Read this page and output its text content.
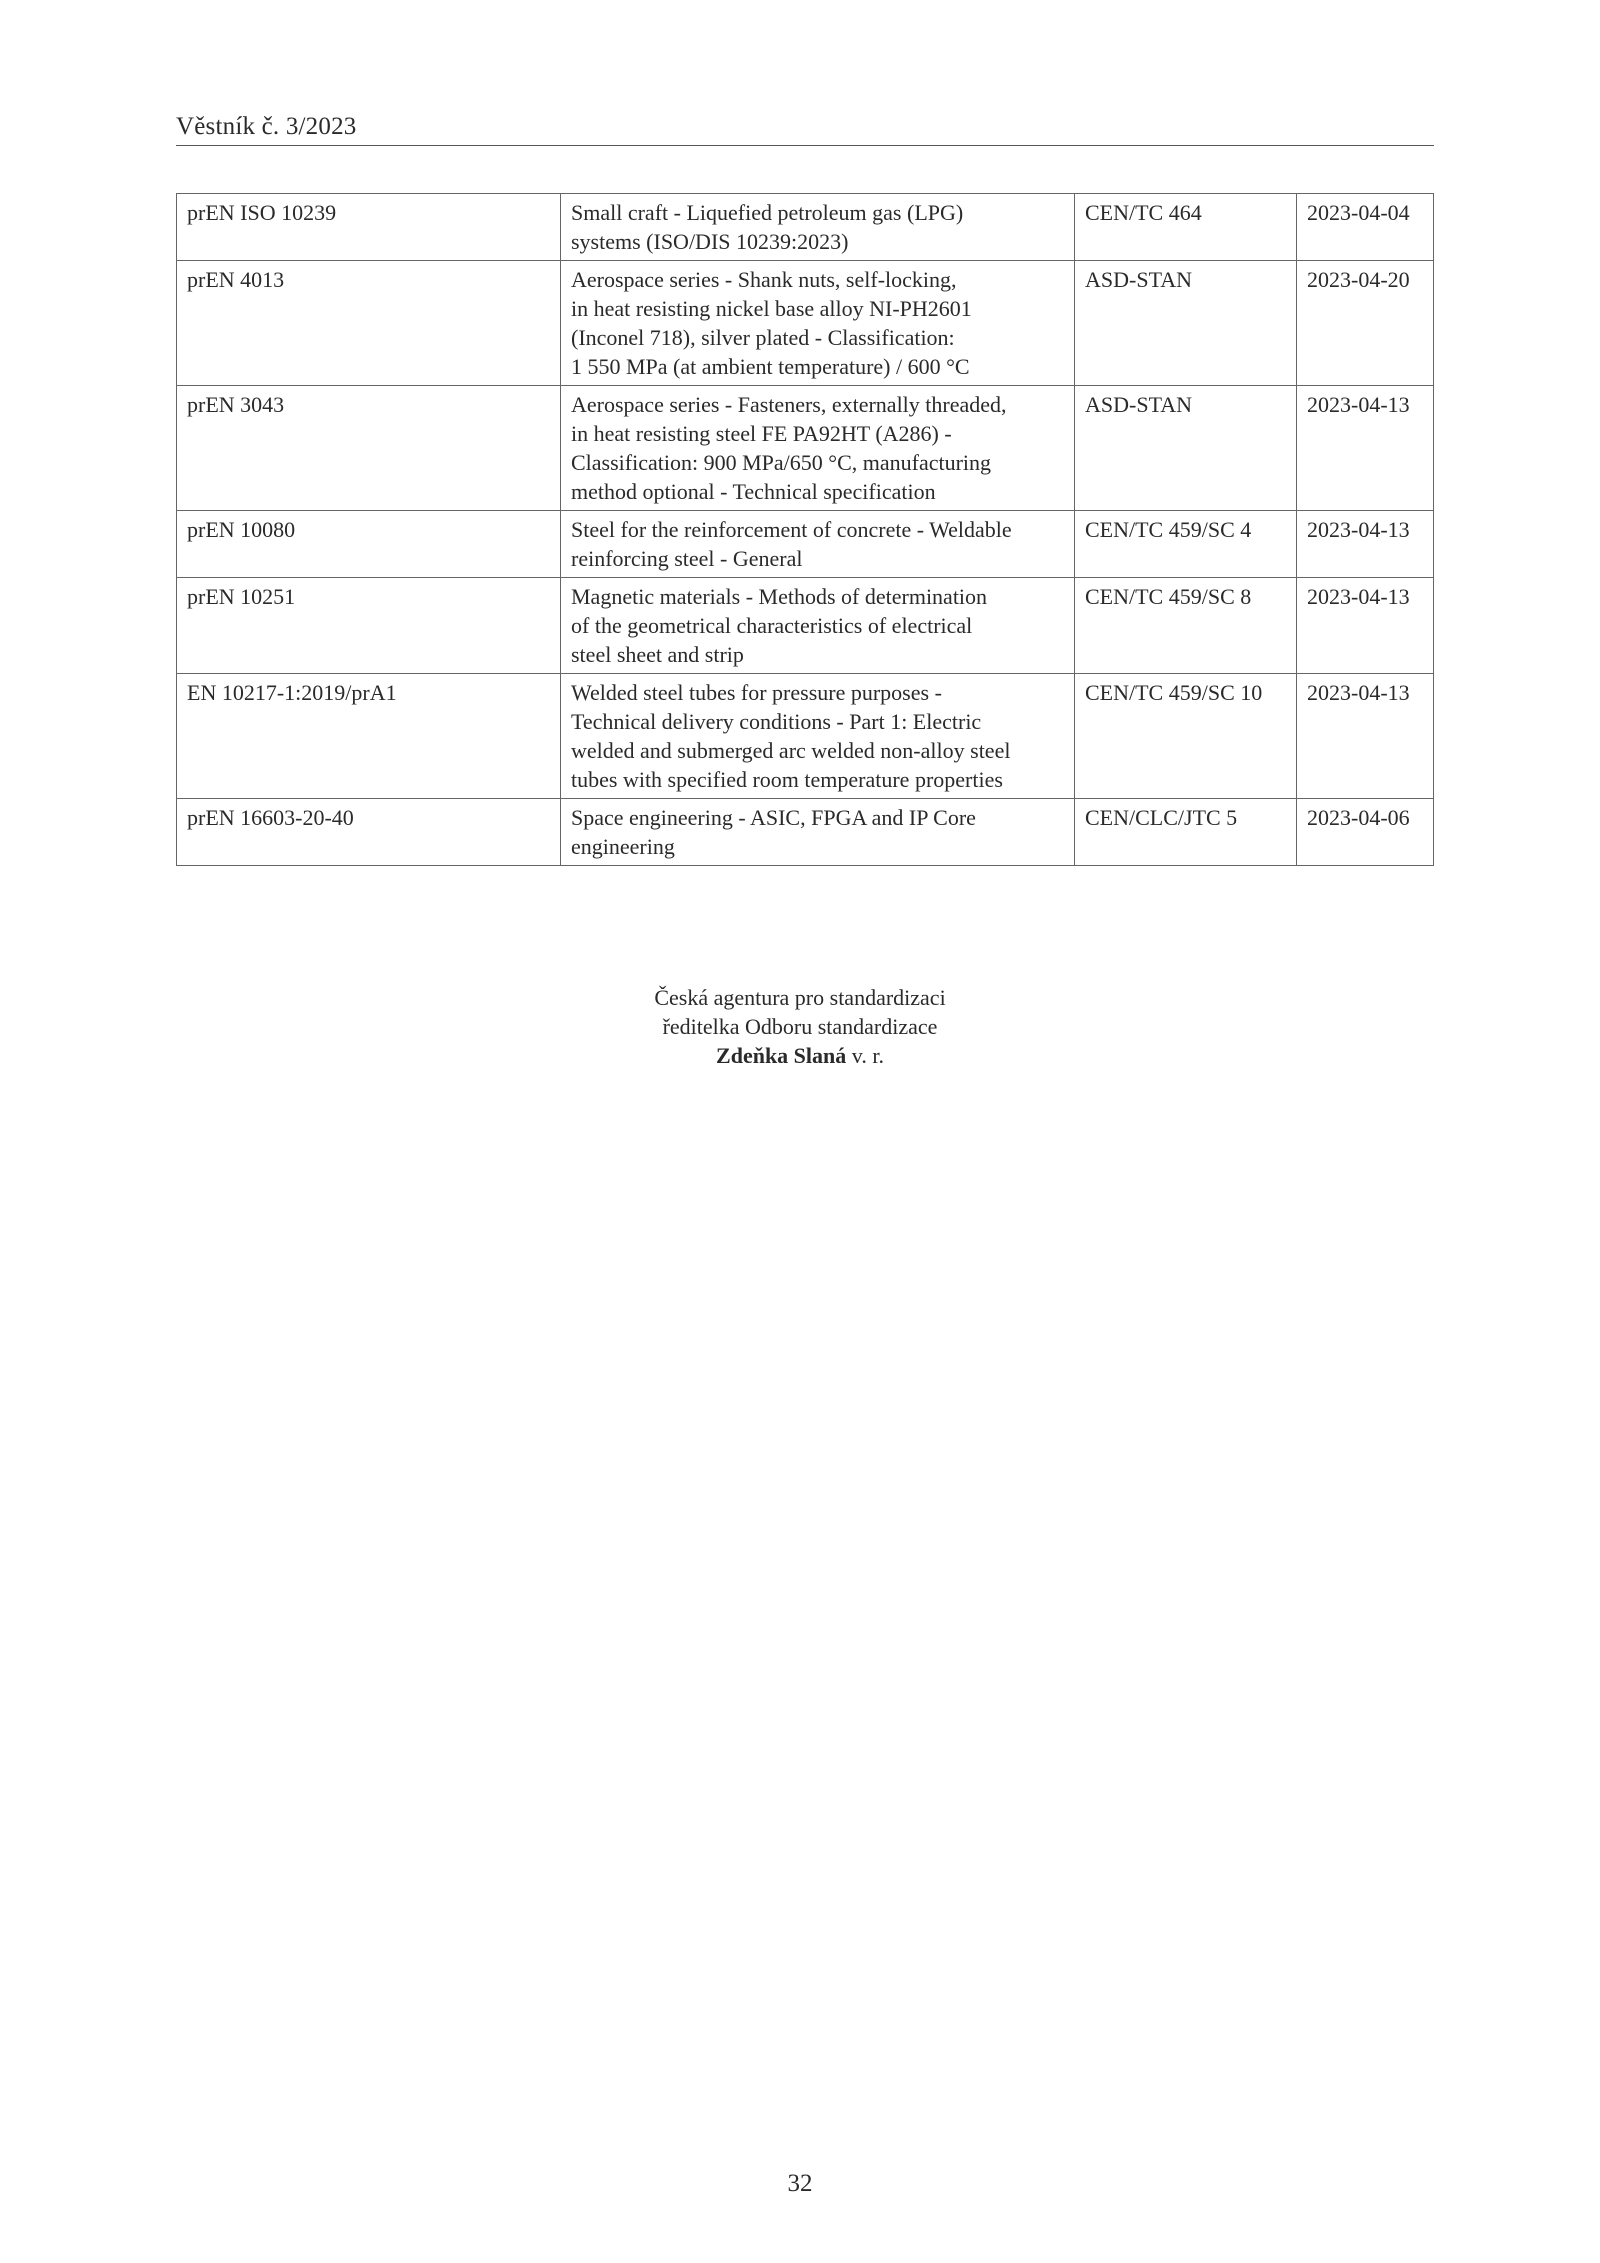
Věstník č. 3/2023
prEN ISO 10239	Small craft - Liquefied petroleum gas (LPG)
systems (ISO/DIS 10239:2023)	CEN/TC 464	2023-04-04
prEN 4013	Aerospace series - Shank nuts, self-locking,
in heat resisting nickel base alloy NI-PH2601
(Inconel 718), silver plated - Classification:
1 550 MPa (at ambient temperature) / 600 °C	ASD-STAN	2023-04-20
prEN 3043	Aerospace series - Fasteners, externally threaded,
in heat resisting steel FE PA92HT (A286) -
Classification: 900 MPa/650 °C, manufacturing
method optional - Technical specification	ASD-STAN	2023-04-13
prEN 10080	Steel for the reinforcement of concrete - Weldable
reinforcing steel - General	CEN/TC 459/SC 4	2023-04-13
prEN 10251	Magnetic materials - Methods of determination
of the geometrical characteristics of electrical
steel sheet and strip	CEN/TC 459/SC 8	2023-04-13
EN 10217-1:2019/prA1	Welded steel tubes for pressure purposes -
Technical delivery conditions - Part 1: Electric
welded and submerged arc welded non-alloy steel
tubes with specified room temperature properties	CEN/TC 459/SC 10	2023-04-13
prEN 16603-20-40	Space engineering - ASIC, FPGA and IP Core
engineering	CEN/CLC/JTC 5	2023-04-06
Česká agentura pro standardizaci
ředitelka Odboru standardizace
Zdeňka Slaná v. r.
32
